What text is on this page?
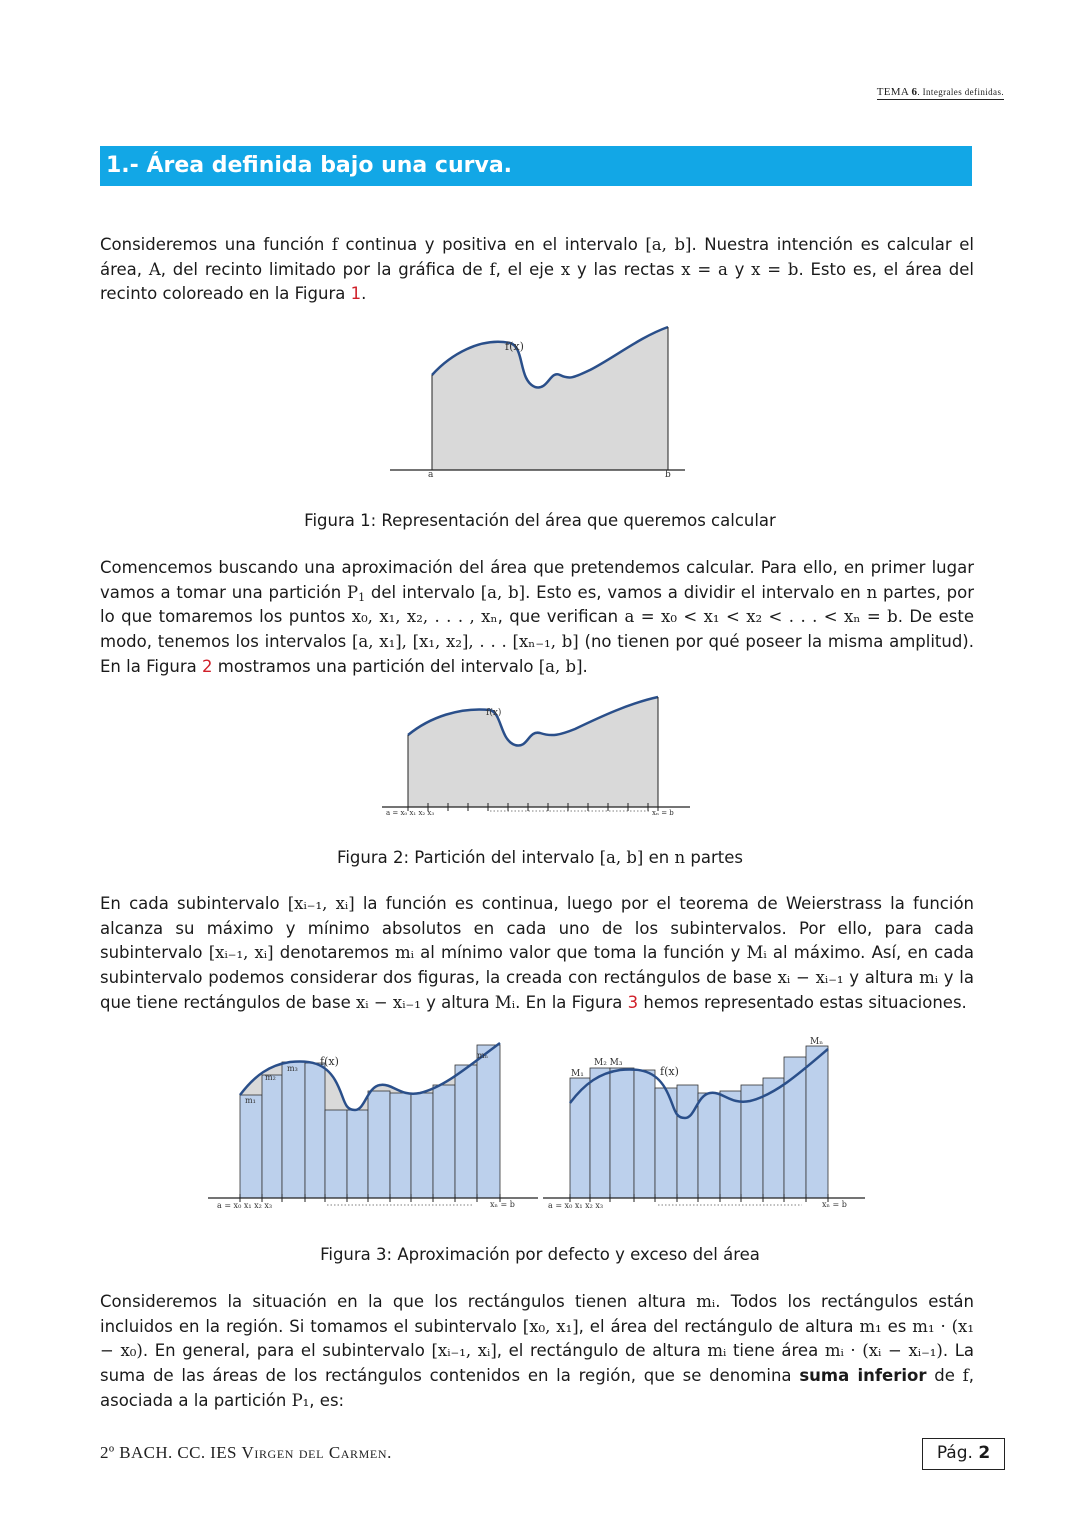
TEMA 6. Integrales definidas.
1.- Área definida bajo una curva.
Consideremos una función f continua y positiva en el intervalo [a, b]. Nuestra intención es calcular el área, A, del recinto limitado por la gráfica de f, el eje x y las rectas x = a y x = b. Esto es, el área del recinto coloreado en la Figura 1.
f(x)
a	b
Figura 1: Representación del área que queremos calcular
Comencemos buscando una aproximación del área que pretendemos calcular. Para ello, en primer lugar vamos a tomar una partición $P_1$ del intervalo [a, b]. Esto es, vamos a dividir el intervalo en n partes, por lo que tomaremos los puntos x₀, x₁, x₂, . . . , xₙ, que verifican a = x₀ < x₁ < x₂ < . . . < xₙ = b. De este modo, tenemos los intervalos [a, x₁], [x₁, x₂], . . . [xₙ₋₁, b] (no tienen por qué poseer la misma amplitud). En la Figura 2 mostramos una partición del intervalo [a, b].
f(x)
a = x₀ x₁ x₂ x₃	xₙ = b
Figura 2: Partición del intervalo [a, b] en n partes
En cada subintervalo [xᵢ₋₁, xᵢ] la función es continua, luego por el teorema de Weierstrass la función alcanza su máximo y mínimo absolutos en cada uno de los subintervalos. Por ello, para cada subintervalo [xᵢ₋₁, xᵢ] denotaremos mᵢ al mínimo valor que toma la función y Mᵢ al máximo. Así, en cada subintervalo podemos considerar dos figuras, la creada con rectángulos de base xᵢ − xᵢ₋₁ y altura mᵢ y la que tiene rectángulos de base xᵢ − xᵢ₋₁ y altura Mᵢ. En la Figura 3 hemos representado estas situaciones.
f(x)
m₁
m₂
m₃
mₙ
a = x₀ x₁ x₂ x₃	xₙ = b
f(x)
M₁
M₂ M₃
Mₙ
a = x₀ x₁ x₂ x₃	xₙ = b
Figura 3: Aproximación por defecto y exceso del área
Consideremos la situación en la que los rectángulos tienen altura mᵢ. Todos los rectángulos están incluidos en la región. Si tomamos el subintervalo [x₀, x₁], el área del rectángulo de altura m₁ es m₁ · (x₁ − x₀). En general, para el subintervalo [xᵢ₋₁, xᵢ], el rectángulo de altura mᵢ tiene área mᵢ · (xᵢ − xᵢ₋₁). La suma de las áreas de los rectángulos contenidos en la región, que se denomina suma inferior de f, asociada a la partición P₁, es:
2º BACH. CC. IES Virgen del Carmen.	Pág. 2
